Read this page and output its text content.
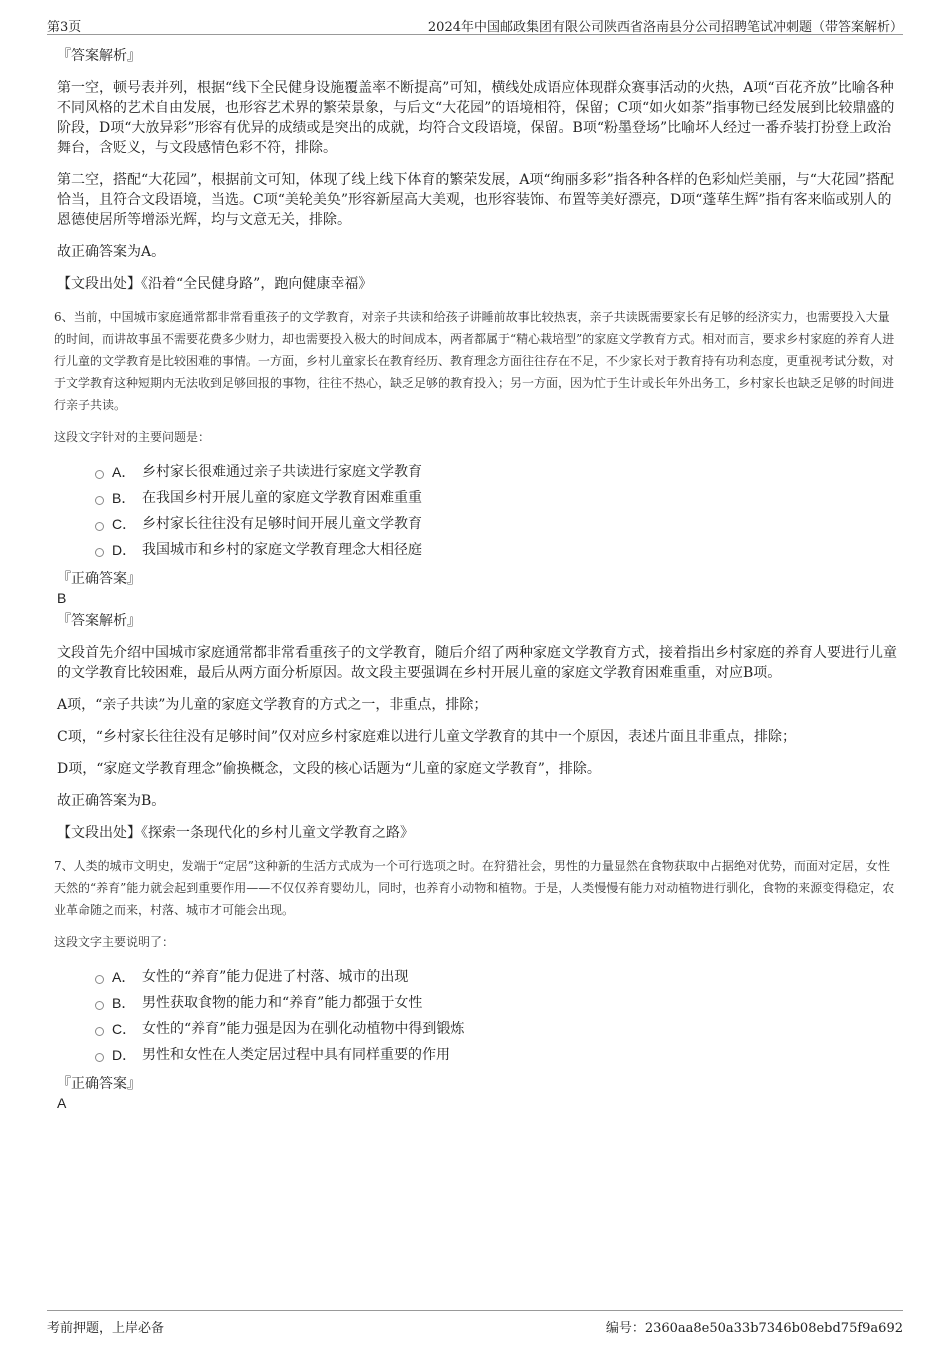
第3页	2024年中国邮政集团有限公司陕西省洛南县分公司招聘笔试冲刺题（带答案解析）

『答案解析』

第一空，顿号表并列，根据“线下全民健身设施覆盖率不断提高”可知，横线处成语应体现群众赛事活动的火热，A项“百花齐放”比喻各种不同风格的艺术自由发展，也形容艺术界的繁荣景象，与后文“大花园”的语境相符，保留；C项“如火如荼”指事物已经发展到比较鼎盛的阶段，D项“大放异彩”形容有优异的成绩或是突出的成就，均符合文段语境，保留。B项“粉墨登场”比喻坏人经过一番乔装打扮登上政治舞台，含贬义，与文段感情色彩不符，排除。

第二空，搭配“大花园”，根据前文可知，体现了线上线下体育的繁荣发展，A项“绚丽多彩”指各种各样的色彩灿烂美丽，与“大花园”搭配恰当，且符合文段语境，当选。C项“美轮美奂”形容新屋高大美观，也形容装饰、布置等美好漂亮，D项“蓬荜生辉”指有客来临或别人的恩德使居所等增添光辉，均与文意无关，排除。

故正确答案为A。

【文段出处】《沿着“全民健身路”，跑向健康幸福》

6、当前，中国城市家庭通常都非常看重孩子的文学教育，对亲子共读和给孩子讲睡前故事比较热衷，亲子共读既需要家长有足够的经济实力，也需要投入大量的时间，而讲故事虽不需要花费多少财力，却也需要投入极大的时间成本，两者都属于“精心栽培型”的家庭文学教育方式。相对而言，要求乡村家庭的养育人进行儿童的文学教育是比较困难的事情。一方面，乡村儿童家长在教育经历、教育理念方面往往存在不足，不少家长对于教育持有功利态度，更重视考试分数，对于文学教育这种短期内无法收到足够回报的事物，往往不热心，缺乏足够的教育投入；另一方面，因为忙于生计或长年外出务工，乡村家长也缺乏足够的时间进行亲子共读。

这段文字针对的主要问题是：

A． 乡村家长很难通过亲子共读进行家庭文学教育
B． 在我国乡村开展儿童的家庭文学教育困难重重
C． 乡村家长往往没有足够时间开展儿童文学教育
D． 我国城市和乡村的家庭文学教育理念大相径庭

『正确答案』

B

『答案解析』

文段首先介绍中国城市家庭通常都非常看重孩子的文学教育，随后介绍了两种家庭文学教育方式，接着指出乡村家庭的养育人要进行儿童的文学教育比较困难，最后从两方面分析原因。故文段主要强调在乡村开展儿童的家庭文学教育困难重重，对应B项。

A项，“亲子共读”为儿童的家庭文学教育的方式之一，非重点，排除；

C项，“乡村家长往往没有足够时间”仅对应乡村家庭难以进行儿童文学教育的其中一个原因，表述片面且非重点，排除；

D项，“家庭文学教育理念”偷换概念，文段的核心话题为“儿童的家庭文学教育”，排除。

故正确答案为B。

【文段出处】《探索一条现代化的乡村儿童文学教育之路》

7、人类的城市文明史，发端于“定居”这种新的生活方式成为一个可行选项之时。在狩猎社会，男性的力量显然在食物获取中占据绝对优势，而面对定居，女性天然的“养育”能力就会起到重要作用——不仅仅养育婴幼儿，同时，也养育小动物和植物。于是，人类慢慢有能力对动植物进行驯化，食物的来源变得稳定，农业革命随之而来，村落、城市才可能会出现。

这段文字主要说明了：

A． 女性的“养育”能力促进了村落、城市的出现
B． 男性获取食物的能力和“养育”能力都强于女性
C． 女性的“养育”能力强是因为在驯化动植物中得到锻炼
D． 男性和女性在人类定居过程中具有同样重要的作用

『正确答案』

A

考前押题，上岸必备	编号：2360aa8e50a33b7346b08ebd75f9a692
